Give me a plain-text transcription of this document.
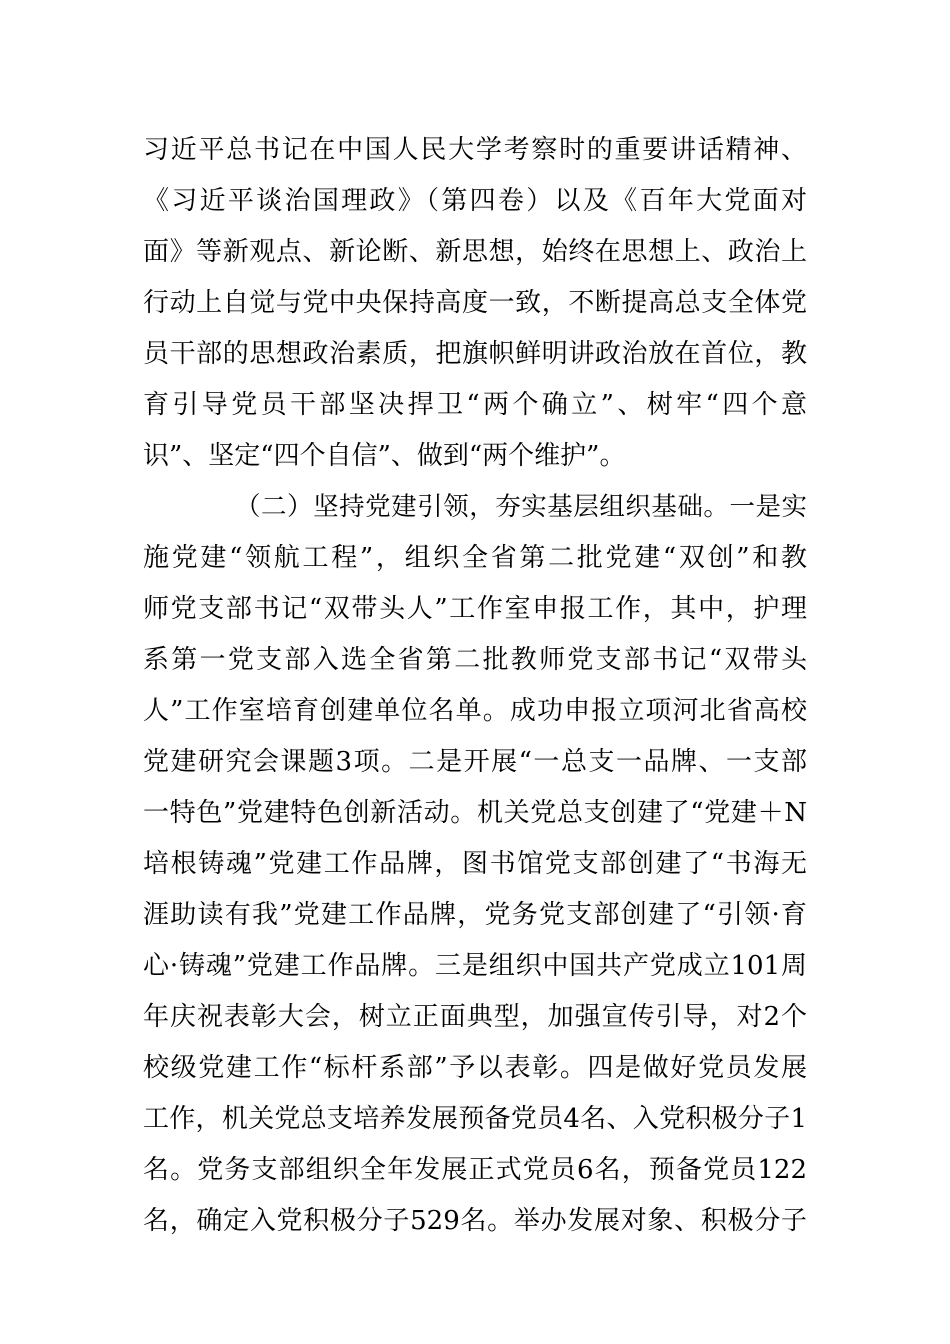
习近平总书记在中国人民大学考察时的重要讲话精神、
《习近平谈治国理政》（第四卷）以及《百年大党面对
面》等新观点、新论断、新思想，始终在思想上、政治上
行动上自觉与党中央保持高度一致，不断提高总支全体党
员干部的思想政治素质，把旗帜鲜明讲政治放在首位，教
育引导党员干部坚决捍卫“两个确立”、树牢“四个意
识”、坚定“四个自信”、做到“两个维护”。
（二）坚持党建引领，夯实基层组织基础。一是实
施党建“领航工程”，组织全省第二批党建“双创”和教
师党支部书记“双带头人”工作室申报工作，其中，护理
系第一党支部入选全省第二批教师党支部书记“双带头
人”工作室培育创建单位名单。成功申报立项河北省高校
党建研究会课题3项。二是开展“一总支一品牌、一支部
一特色”党建特色创新活动。机关党总支创建了“党建＋N
培根铸魂”党建工作品牌，图书馆党支部创建了“书海无
涯助读有我”党建工作品牌，党务党支部创建了“引领·育
心·铸魂”党建工作品牌。三是组织中国共产党成立101周
年庆祝表彰大会，树立正面典型，加强宣传引导，对2个
校级党建工作“标杆系部”予以表彰。四是做好党员发展
工作，机关党总支培养发展预备党员4名、入党积极分子1
名。党务支部组织全年发展正式党员6名，预备党员122
名，确定入党积极分子529名。举办发展对象、积极分子
